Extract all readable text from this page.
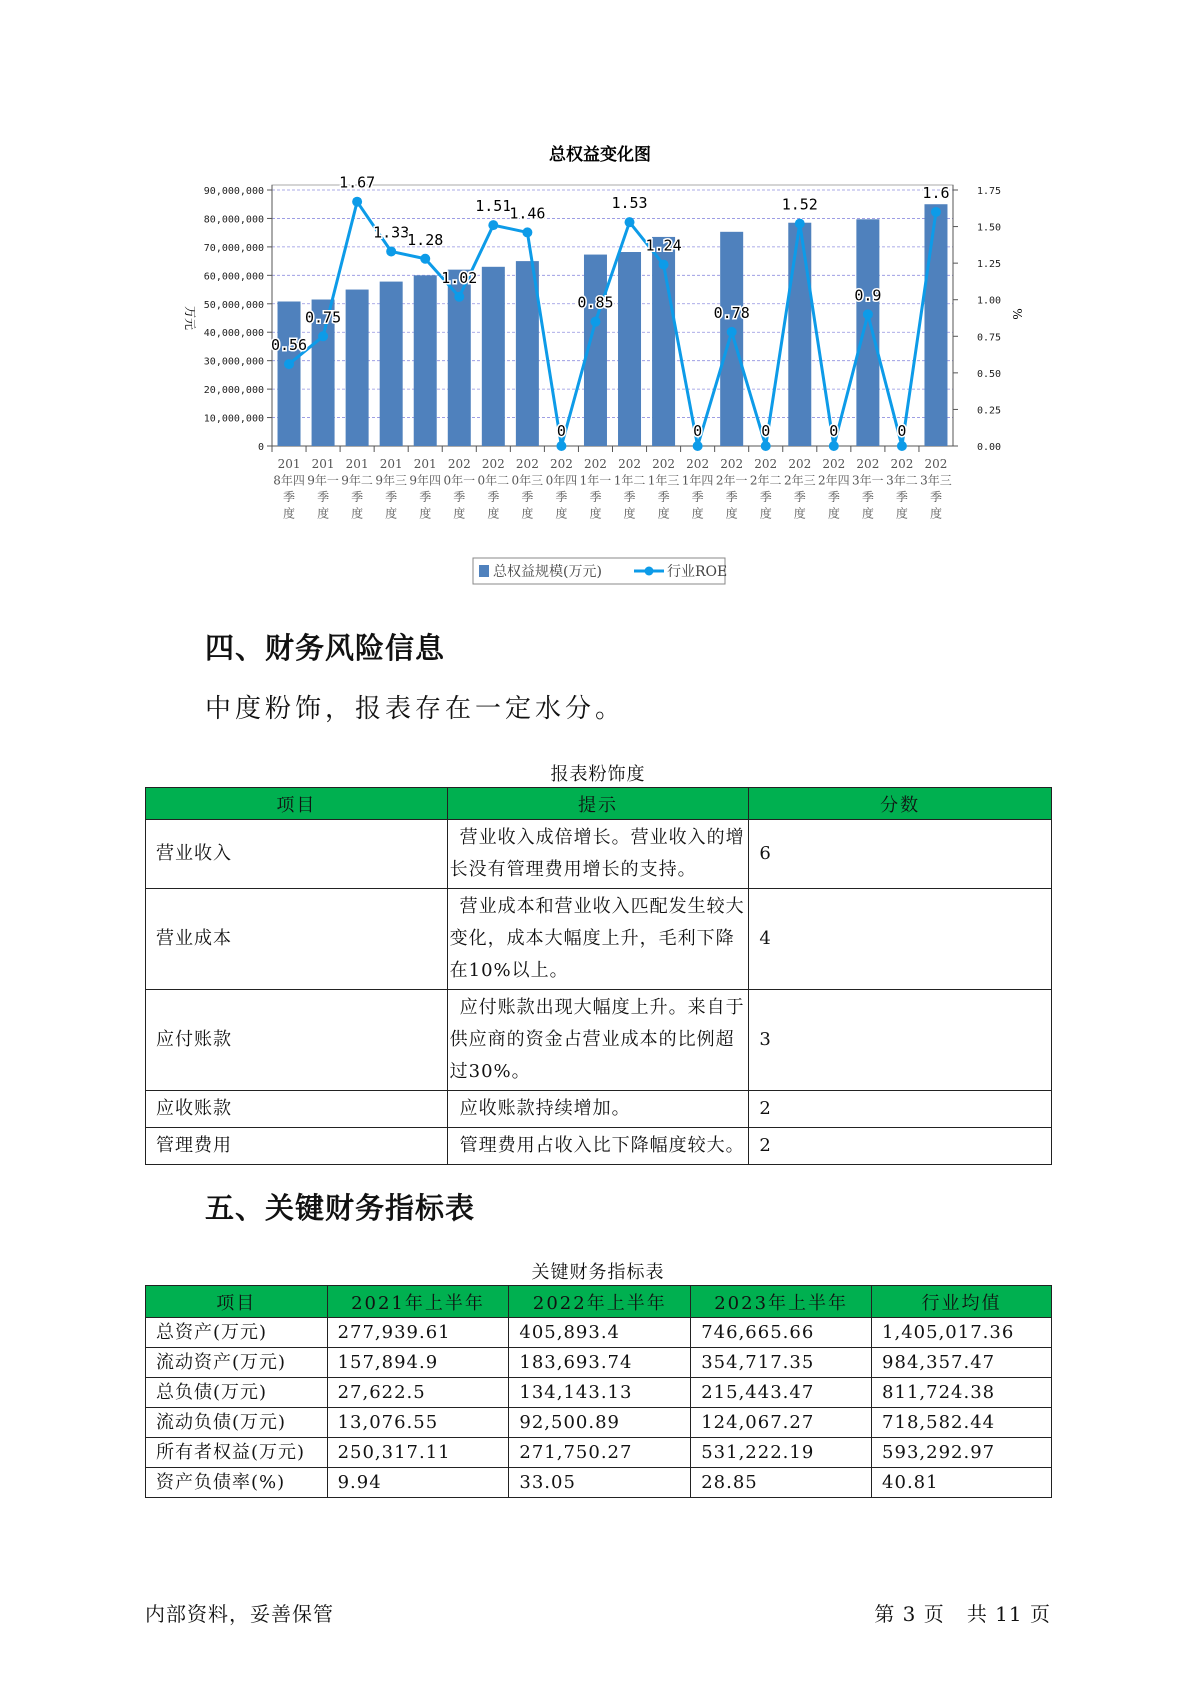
总权益变化图
万元	%
0
10,000,000
20,000,000
30,000,000
40,000,000
50,000,000
60,000,000
70,000,000
80,000,000
90,000,000
0.00
0.25
0.50
0.75
1.00
1.25
1.50
1.75
201 8年四季度
201 9年一季度
201 9年二季度
201 9年三季度
201 9年四季度
202 0年一季度
202 0年二季度
202 0年三季度
202 0年四季度
202 1年一季度
202 1年二季度
202 1年三季度
202 1年四季度
202 2年一季度
202 2年二季度
202 2年三季度
202 2年四季度
202 3年一季度
202 3年二季度
202 3年三季度
0.56
0.75
1.67
1.33
1.28
1.02
1.51
1.46
0
0.85
1.53
1.24
0
0.78
0
1.52
0
0.9
0
1.6
总权益规模(万元)	行业ROE
四、财务风险信息

中度粉饰，报表存在一定水分。

报表粉饰度
项目	提示	分数
营业收入	营业收入成倍增长。营业收入的增长没有管理费用增长的支持。	6
营业成本	营业成本和营业收入匹配发生较大变化，成本大幅度上升，毛利下降在10%以上。	4
应付账款	应付账款出现大幅度上升。来自于供应商的资金占营业成本的比例超过30%。	3
应收账款	应收账款持续增加。	2
管理费用	管理费用占收入比下降幅度较大。	2
五、关键财务指标表
关键财务指标表
项目	2021年上半年	2022年上半年	2023年上半年	行业均值
总资产(万元)	277,939.61	405,893.4	746,665.66	1,405,017.36
流动资产(万元)	157,894.9	183,693.74	354,717.35	984,357.47
总负债(万元)	27,622.5	134,143.13	215,443.47	811,724.38
流动负债(万元)	13,076.55	92,500.89	124,067.27	718,582.44
所有者权益(万元)	250,317.11	271,750.27	531,222.19	593,292.97
资产负债率(%)	9.94	33.05	28.85	40.81
内部资料，妥善保管	第 3 页   共 11 页
